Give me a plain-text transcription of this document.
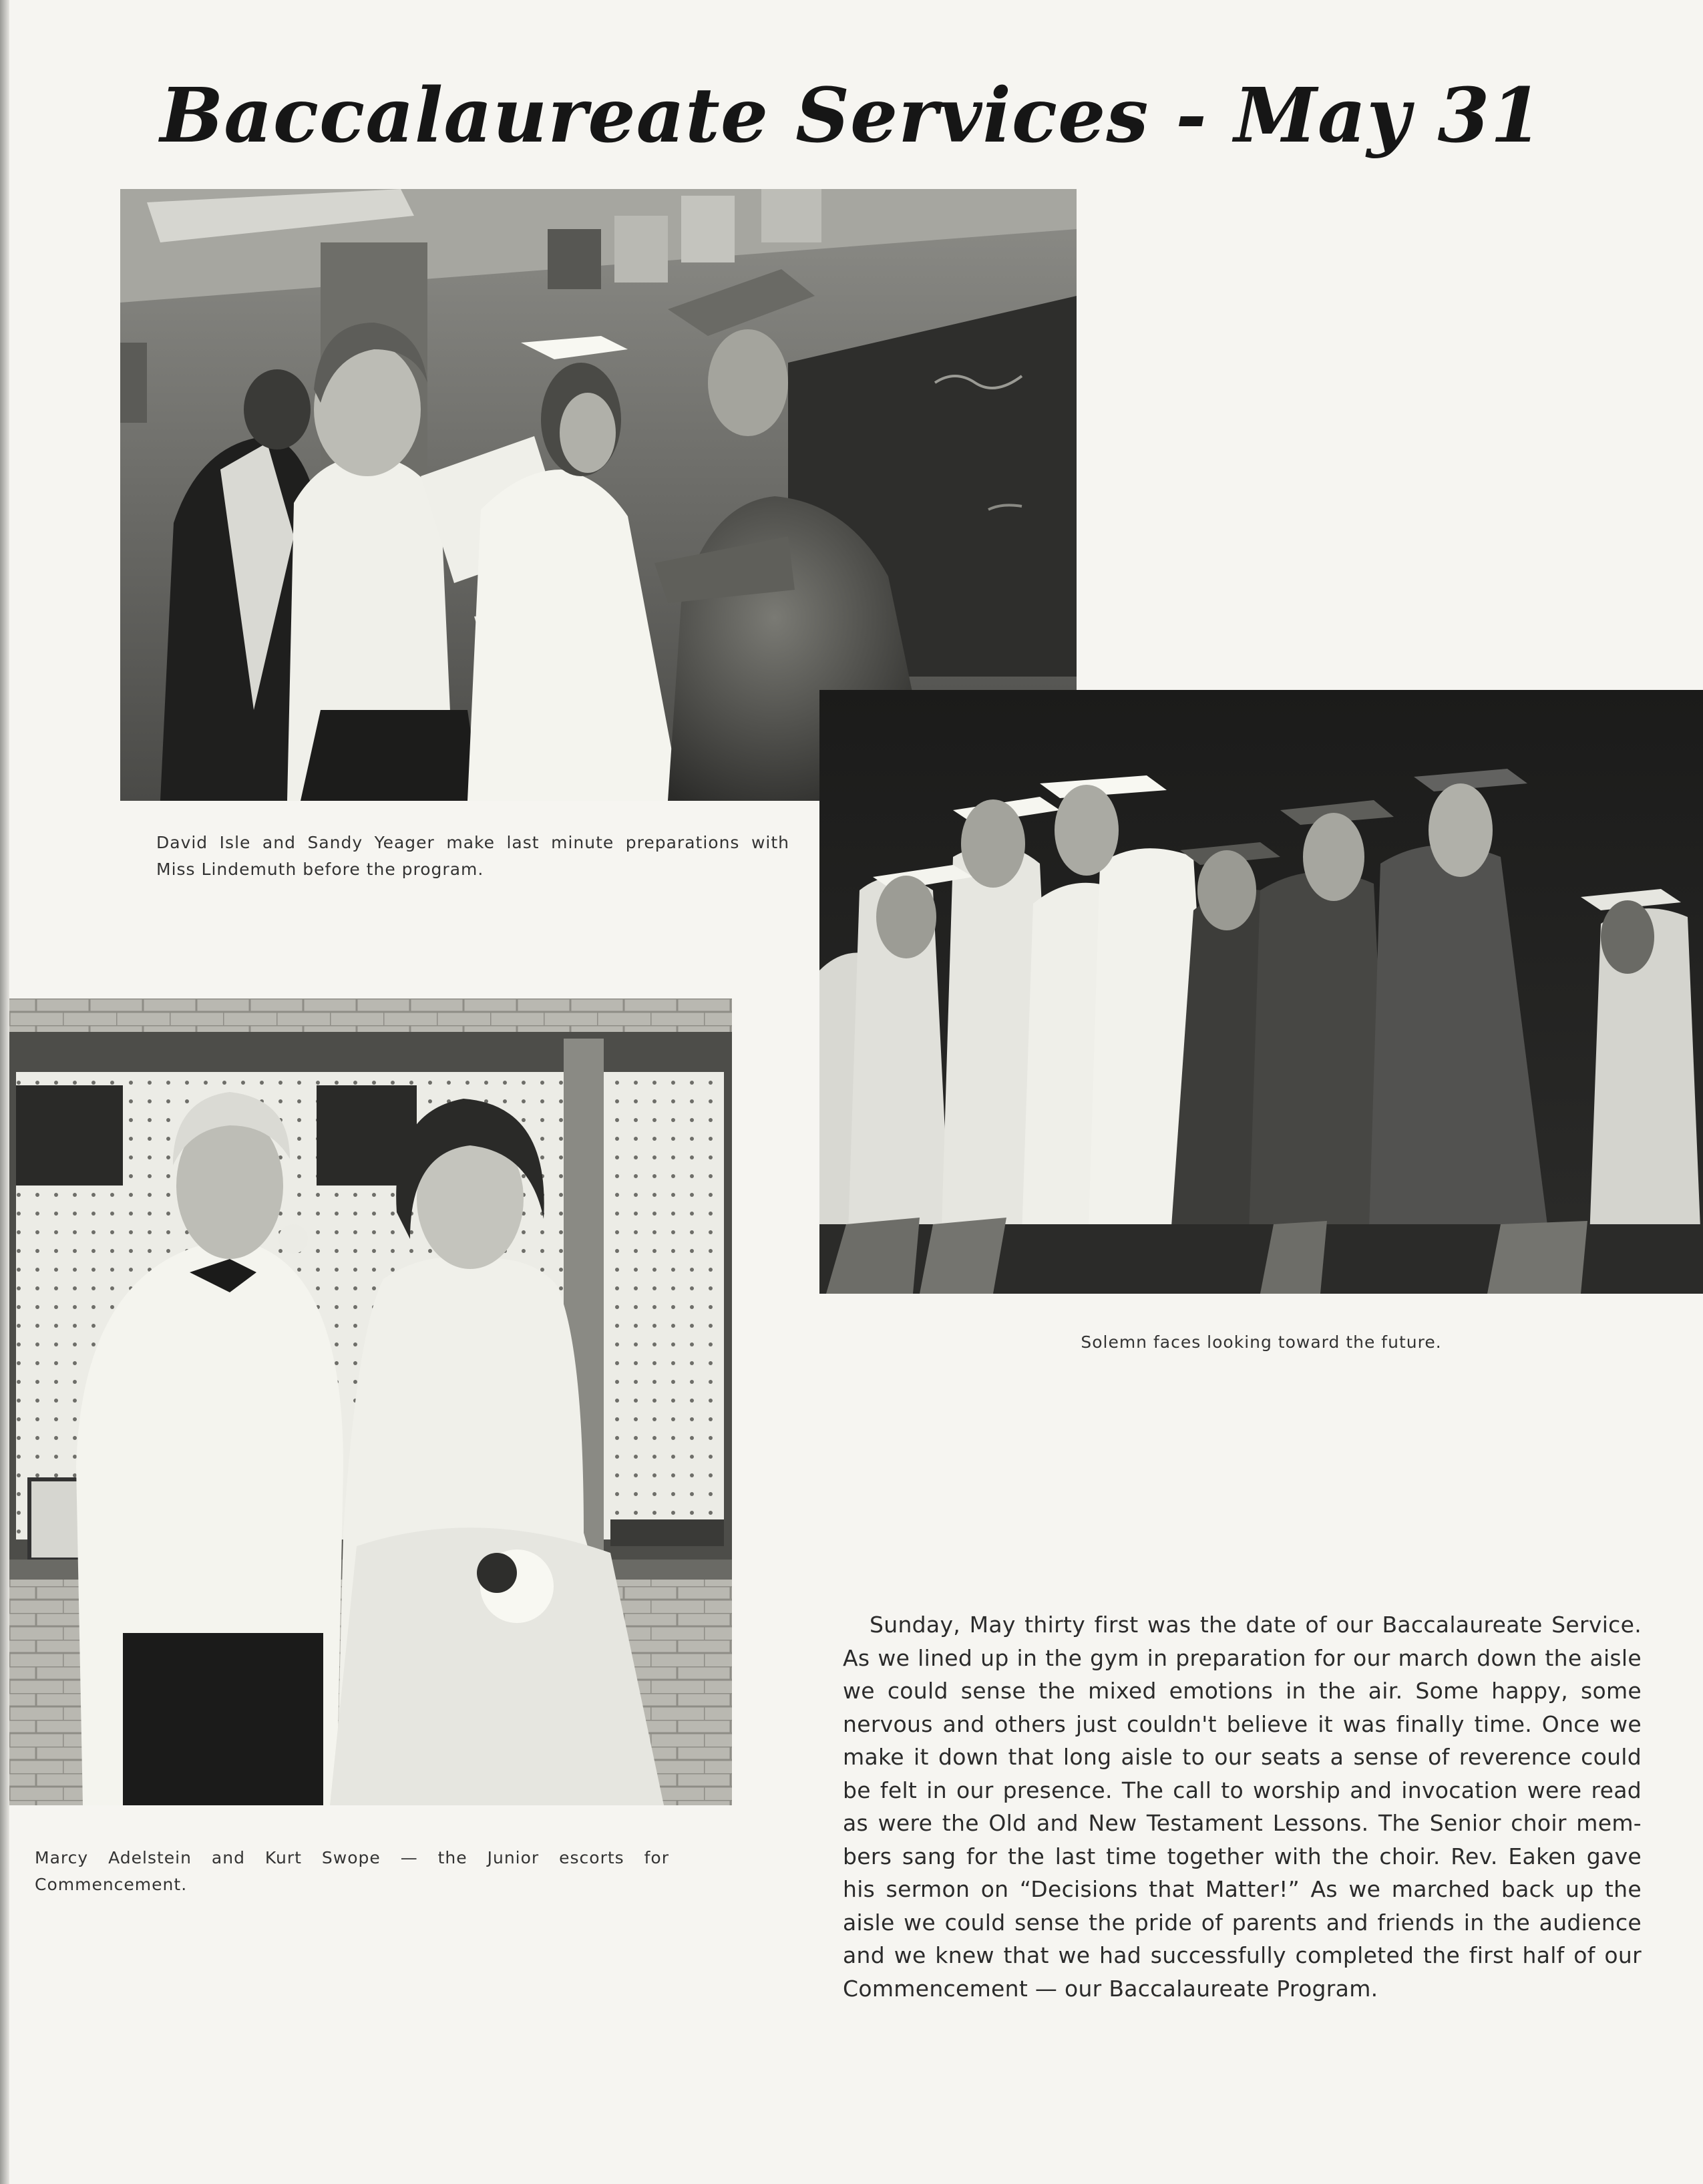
Baccalaureate Services - May 31
David Isle and Sandy Yeager make last minute preparations with
Miss Lindemuth before the program.
Solemn faces looking toward the future.
Marcy Adelstein and Kurt Swope — the Junior escorts for
Commencement.
Sunday, May thirty first was the date of our Baccalaureate Service. As we lined up in the gym in preparation for our march down the aisle we could sense the mixed emotions in the air. Some happy, some nervous and others just couldn't believe it was finally time. Once we make it down that long aisle to our seats a sense of reverence could be felt in our presence. The call to worship and invocation were read as were the Old and New Testament Lessons. The Senior choir mem-bers sang for the last time together with the choir. Rev. Eaken gave his sermon on “Decisions that Matter!” As we marched back up the aisle we could sense the pride of parents and friends in the audience and we knew that we had successfully completed the first half of our Commencement — our Baccalaureate Program.
